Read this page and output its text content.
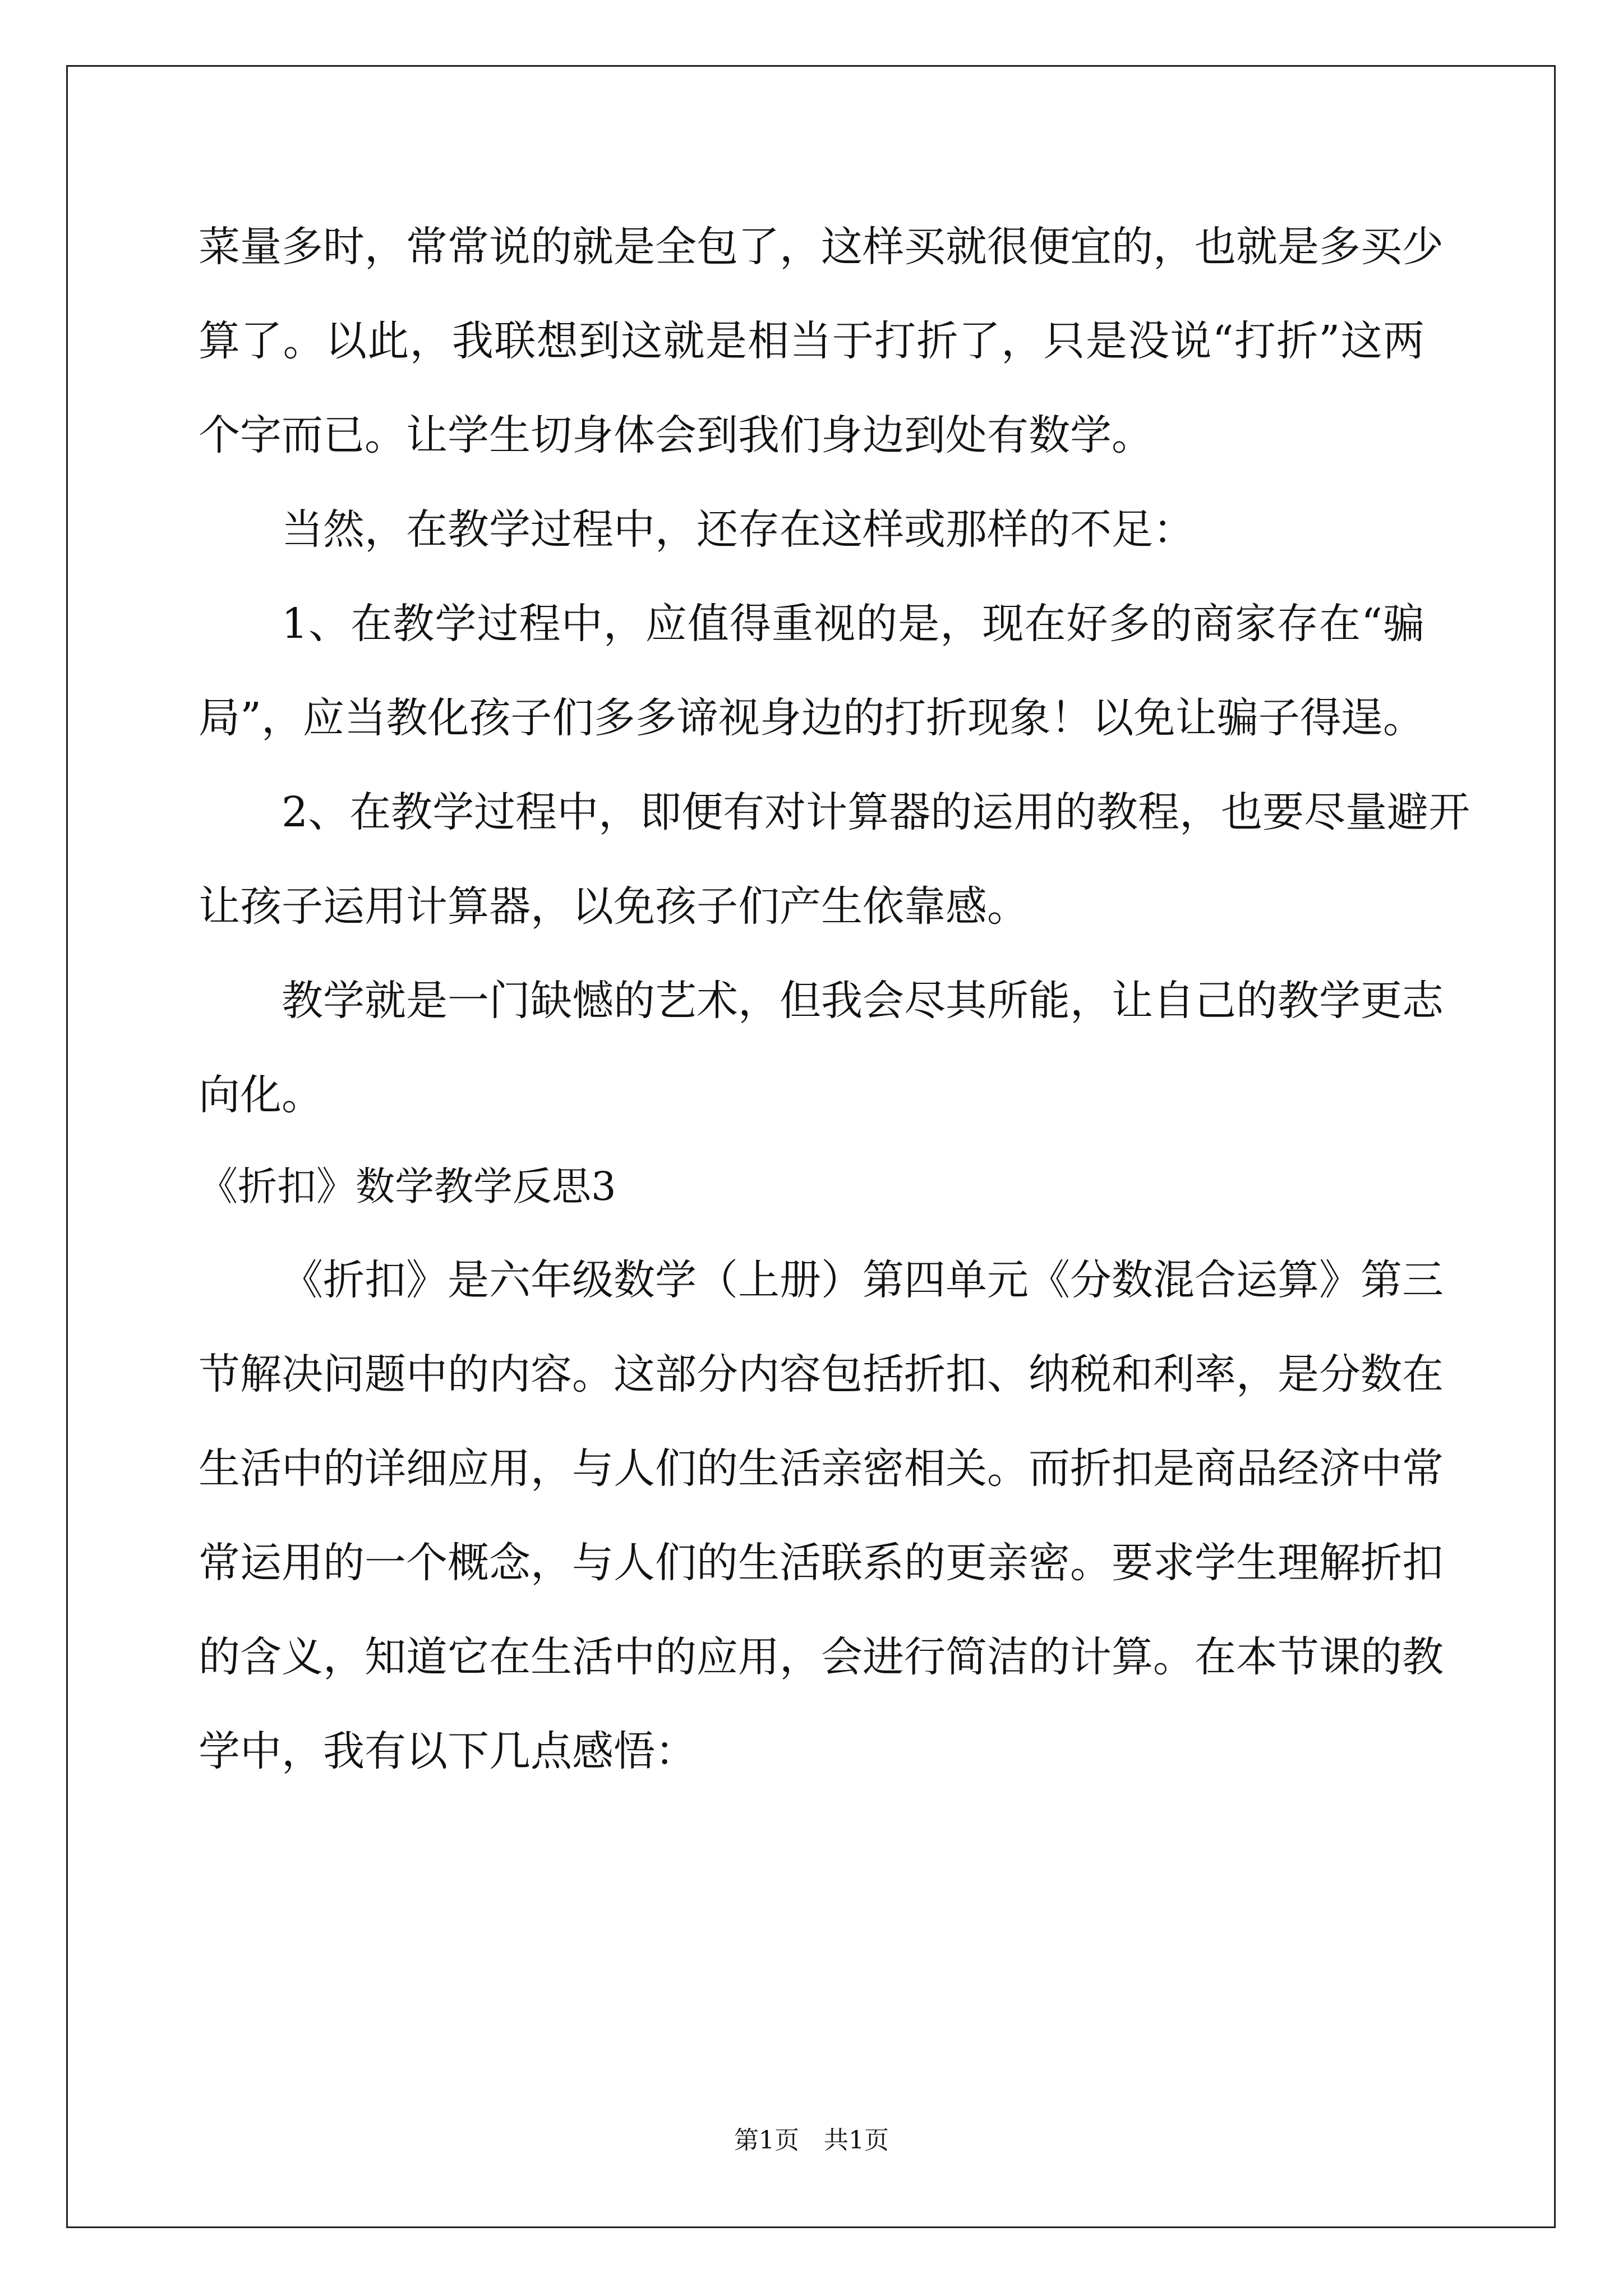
菜量多时，常常说的就是全包了，这样买就很便宜的，也就是多买少
算了。以此，我联想到这就是相当于打折了，只是没说“打折”这两
个字而已。让学生切身体会到我们身边到处有数学。
当然，在教学过程中，还存在这样或那样的不足：
1、在教学过程中，应值得重视的是，现在好多的商家存在“骗
局”，应当教化孩子们多多谛视身边的打折现象！以免让骗子得逞。
2、在教学过程中，即便有对计算器的运用的教程，也要尽量避开
让孩子运用计算器，以免孩子们产生依靠感。
教学就是一门缺憾的艺术，但我会尽其所能，让自己的教学更志
向化。
《折扣》数学教学反思3
《折扣》是六年级数学（上册）第四单元《分数混合运算》第三
节解决问题中的内容。这部分内容包括折扣、纳税和利率，是分数在
生活中的详细应用，与人们的生活亲密相关。而折扣是商品经济中常
常运用的一个概念，与人们的生活联系的更亲密。要求学生理解折扣
的含义，知道它在生活中的应用，会进行简洁的计算。在本节课的教
学中，我有以下几点感悟：
第1页　共1页
